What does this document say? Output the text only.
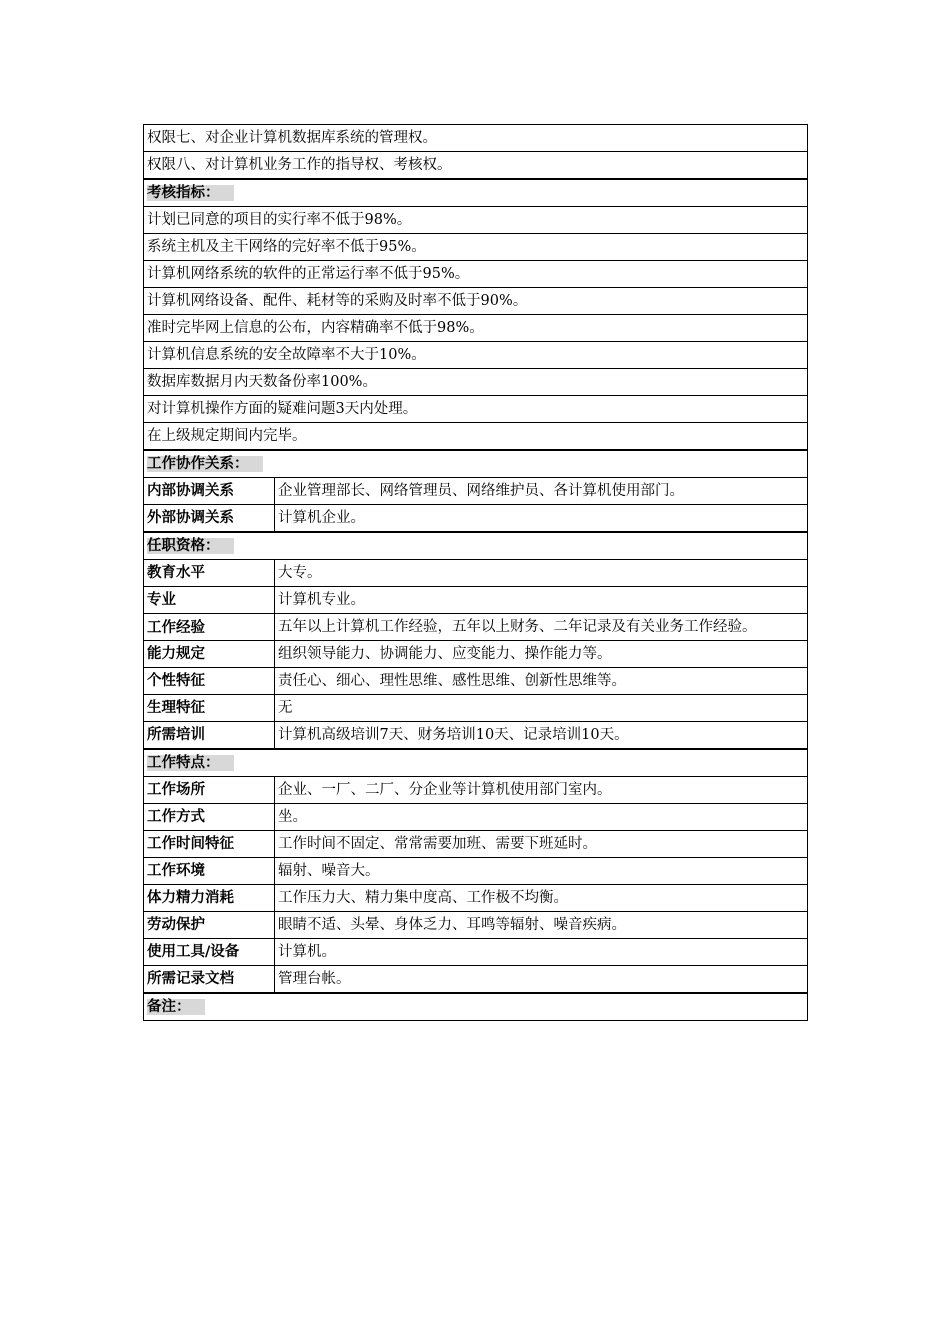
权限七、对企业计算机数据库系统的管理权。	
权限八、对计算机业务工作的指导权、考核权。	
考核指标：	
计划已同意的项目的实行率不低于98%。	
系统主机及主干网络的完好率不低于95%。	
计算机网络系统的软件的正常运行率不低于95%。	
计算机网络设备、配件、耗材等的采购及时率不低于90%。	
准时完毕网上信息的公布，内容精确率不低于98%。	
计算机信息系统的安全故障率不大于10%。	
数据库数据月内天数备份率100%。	
对计算机操作方面的疑难问题3天内处理。	
在上级规定期间内完毕。	
工作协作关系：	
内部协调关系	企业管理部长、网络管理员、网络维护员、各计算机使用部门。
外部协调关系	计算机企业。
任职资格：	
教育水平	大专。
专业	计算机专业。
工作经验	五年以上计算机工作经验，五年以上财务、二年记录及有关业务工作经验。
能力规定	组织领导能力、协调能力、应变能力、操作能力等。
个性特征	责任心、细心、理性思维、感性思维、创新性思维等。
生理特征	无
所需培训	计算机高级培训7天、财务培训10天、记录培训10天。
工作特点：	
工作场所	企业、一厂、二厂、分企业等计算机使用部门室内。
工作方式	坐。
工作时间特征	工作时间不固定、常常需要加班、需要下班延时。
工作环境	辐射、噪音大。
体力精力消耗	工作压力大、精力集中度高、工作极不均衡。
劳动保护	眼睛不适、头晕、身体乏力、耳鸣等辐射、噪音疾病。
使用工具/设备	计算机。
所需记录文档	管理台帐。
备注：	
